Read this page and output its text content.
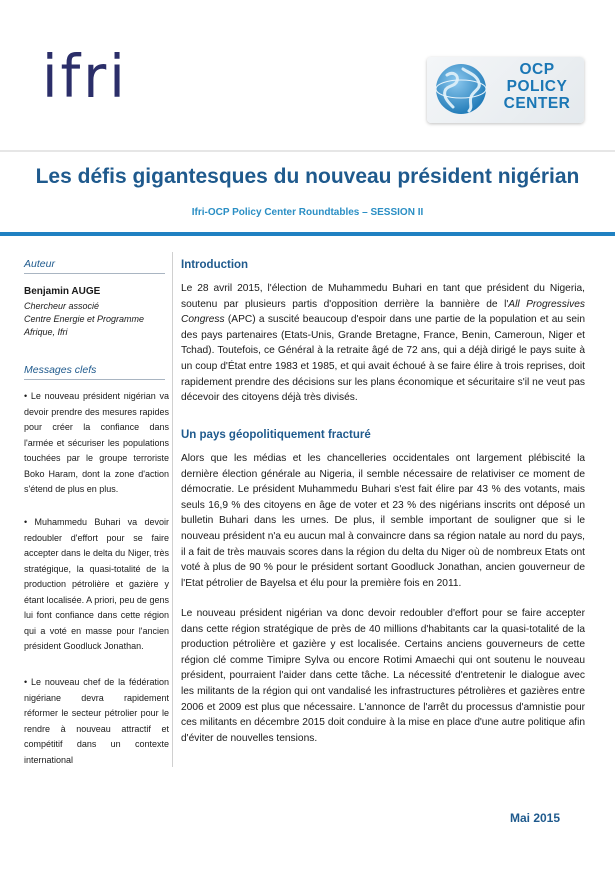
ifri	OCP
POLICY
CENTER
Les défis gigantesques du nouveau président nigérian
Ifri-OCP Policy Center Roundtables – SESSION II
Auteur
Benjamin AUGE
Chercheur associé
Centre Energie et Programme Afrique, Ifri
Messages clefs
• Le nouveau président nigérian va devoir prendre des mesures rapides pour créer la confiance dans l'armée et sécuriser les populations touchées par le groupe terroriste Boko Haram, dont la zone d'action s'étend de plus en plus.
• Muhammedu Buhari va devoir redoubler d'effort pour se faire accepter dans le delta du Niger, très stratégique, la quasi-totalité de la production pétrolière et gazière y étant localisée. A priori, peu de gens lui font confiance dans cette région qui a voté en masse pour l'ancien président Goodluck Jonathan.
• Le nouveau chef de la fédération nigériane devra rapidement réformer le secteur pétrolier pour le rendre à nouveau attractif et compétitif dans un contexte international
Introduction
Le 28 avril 2015, l'élection de Muhammedu Buhari en tant que président du Nigeria, soutenu par plusieurs partis d'opposition derrière la bannière de l'All Progressives Congress (APC) a suscité beaucoup d'espoir dans une partie de la population et au sein des pays partenaires (Etats-Unis, Grande Bretagne, France, Benin, Cameroun, Niger et Tchad). Toutefois, ce Général à la retraite âgé de 72 ans, qui a déjà dirigé le pays suite à un coup d'État entre 1983 et 1985, et qui avait échoué à se faire élire à trois reprises, doit rapidement prendre des décisions sur les plans économique et sécuritaire s'il ne veut pas décevoir des citoyens déjà très divisés.
Un pays géopolitiquement fracturé
Alors que les médias et les chancelleries occidentales ont largement plébiscité la dernière élection générale au Nigeria, il semble nécessaire de relativiser ce moment de démocratie. Le président Muhammedu Buhari s'est fait élire par 43 % des votants, mais seuls 16,9 % des citoyens en âge de voter et 23 % des nigérians inscrits ont déposé un bulletin Buhari dans les urnes. De plus, il semble important de souligner que si le nouveau président n'a eu aucun mal à convaincre dans sa région natale au nord du pays, il a fait de très mauvais scores dans la région du delta du Niger où de nombreux Etats ont voté à plus de 90 % pour le président sortant Goodluck Jonathan, ancien gouverneur de l'Etat pétrolier de Bayelsa et élu pour la première fois en 2011.
Le nouveau président nigérian va donc devoir redoubler d'effort pour se faire accepter dans cette région stratégique de près de 40 millions d'habitants car la quasi-totalité de la production pétrolière et gazière y est localisée. Certains anciens gouverneurs de cette région clé comme Timipre Sylva ou encore Rotimi Amaechi qui ont soutenu le nouveau président, pourraient l'aider dans cette tâche. La nécessité d'entretenir le dialogue avec les militants de la région qui ont vandalisé les infrastructures pétrolières et gazières entre 2006 et 2009 est plus que nécessaire. L'annonce de l'arrêt du processus d'amnistie pour ces militants en décembre 2015 doit conduire à la mise en place d'une autre politique afin d'éviter de nouvelles tensions.
Mai 2015
